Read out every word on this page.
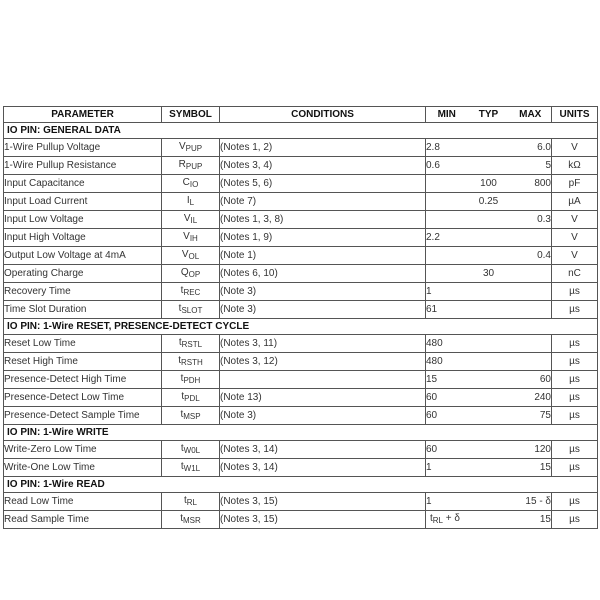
PARAMETER	SYMBOL	CONDITIONS	MIN	TYP	MAX	UNITS
IO PIN: GENERAL DATA						
1-Wire Pullup Voltage	$V_{PUP}$	(Notes 1, 2)	2.8		6.0	V
1-Wire Pullup Resistance	$R_{PUP}$	(Notes 3, 4)	0.6		5	kΩ
Input Capacitance	$C_{IO}$	(Notes 5, 6)		100	800	pF
Input Load Current	$I_L$	(Note 7)		0.25		µA
Input Low Voltage	$V_{IL}$	(Notes 1, 3, 8)			0.3	V
Input High Voltage	$V_{IH}$	(Notes 1, 9)	2.2			V
Output Low Voltage at 4mA	$V_{OL}$	(Note 1)			0.4	V
Operating Charge	$Q_{OP}$	(Notes 6, 10)		30		nC
Recovery Time	$t_{REC}$	(Note 3)	1			µs
Time Slot Duration	$t_{SLOT}$	(Note 3)	61			µs
IO PIN: 1-Wire RESET, PRESENCE-DETECT CYCLE						
Reset Low Time	$t_{RSTL}$	(Notes 3, 11)	480			µs
Reset High Time	$t_{RSTH}$	(Notes 3, 12)	480			µs
Presence-Detect High Time	$t_{PDH}$		15		60	µs
Presence-Detect Low Time	$t_{PDL}$	(Note 13)	60		240	µs
Presence-Detect Sample Time	$t_{MSP}$	(Note 3)	60		75	µs
IO PIN: 1-Wire WRITE						
Write-Zero Low Time	$t_{W0L}$	(Notes 3, 14)	60		120	µs
Write-One Low Time	$t_{W1L}$	(Notes 3, 14)	1		15	µs
IO PIN: 1-Wire READ						
Read Low Time	$t_{RL}$	(Notes 3, 15)	1		15 - δ	µs
Read Sample Time	$t_{MSR}$	(Notes 3, 15)	$t_{RL} + \delta$		15	µs
